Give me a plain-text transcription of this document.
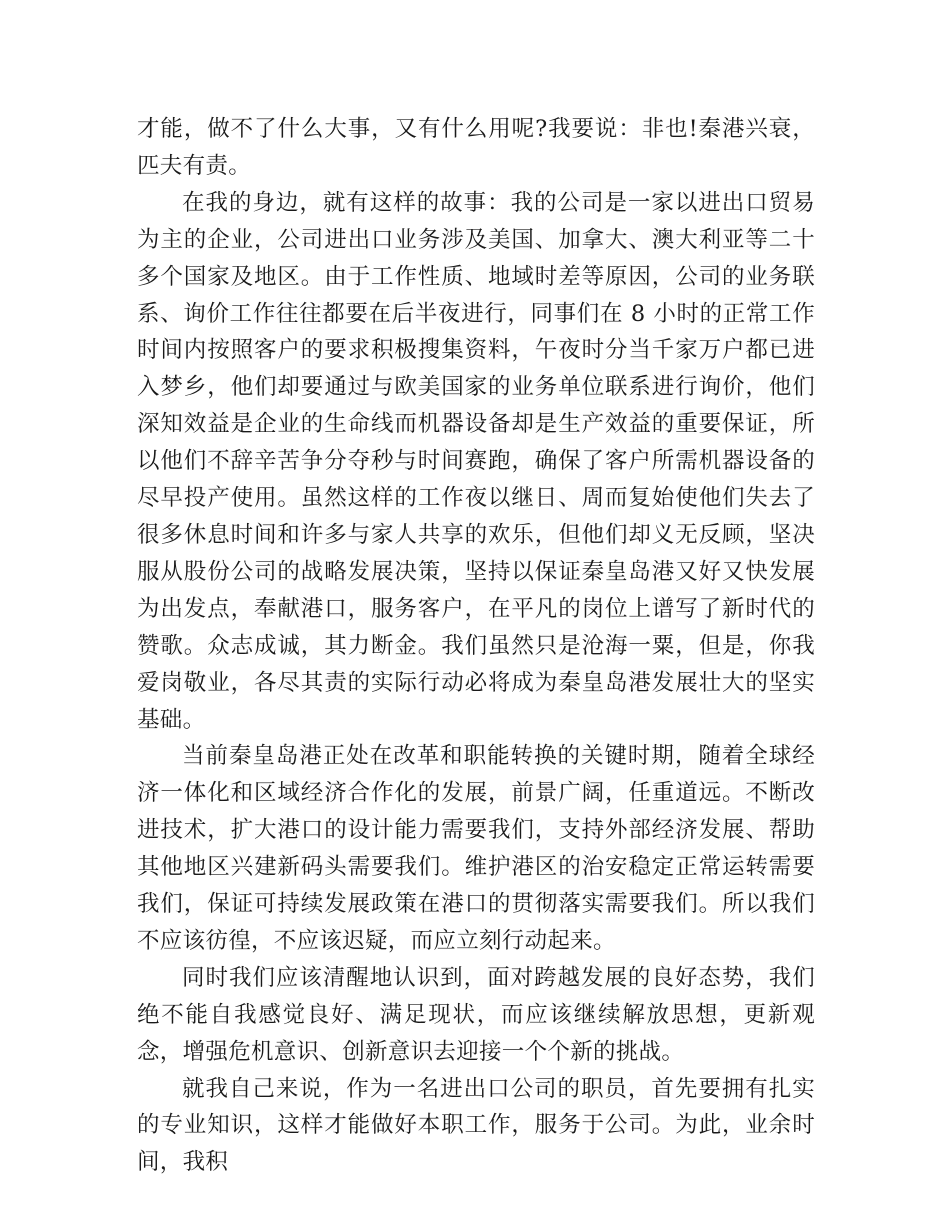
才能，做不了什么大事，又有什么用呢?我要说：非也!秦港兴衰，匹夫有责。

在我的身边，就有这样的故事：我的公司是一家以进出口贸易为主的企业，公司进出口业务涉及美国、加拿大、澳大利亚等二十多个国家及地区。由于工作性质、地域时差等原因，公司的业务联系、询价工作往往都要在后半夜进行，同事们在 8 小时的正常工作时间内按照客户的要求积极搜集资料，午夜时分当千家万户都已进入梦乡，他们却要通过与欧美国家的业务单位联系进行询价，他们深知效益是企业的生命线而机器设备却是生产效益的重要保证，所以他们不辞辛苦争分夺秒与时间赛跑，确保了客户所需机器设备的尽早投产使用。虽然这样的工作夜以继日、周而复始使他们失去了很多休息时间和许多与家人共享的欢乐，但他们却义无反顾，坚决服从股份公司的战略发展决策，坚持以保证秦皇岛港又好又快发展为出发点，奉献港口，服务客户，在平凡的岗位上谱写了新时代的赞歌。众志成诚，其力断金。我们虽然只是沧海一粟，但是，你我爱岗敬业，各尽其责的实际行动必将成为秦皇岛港发展壮大的坚实基础。

当前秦皇岛港正处在改革和职能转换的关键时期，随着全球经济一体化和区域经济合作化的发展，前景广阔，任重道远。不断改进技术，扩大港口的设计能力需要我们，支持外部经济发展、帮助其他地区兴建新码头需要我们。维护港区的治安稳定正常运转需要我们，保证可持续发展政策在港口的贯彻落实需要我们。所以我们不应该彷徨，不应该迟疑，而应立刻行动起来。

同时我们应该清醒地认识到，面对跨越发展的良好态势，我们绝不能自我感觉良好、满足现状，而应该继续解放思想，更新观念，增强危机意识、创新意识去迎接一个个新的挑战。

就我自己来说，作为一名进出口公司的职员，首先要拥有扎实的专业知识，这样才能做好本职工作，服务于公司。为此，业余时间，我积
